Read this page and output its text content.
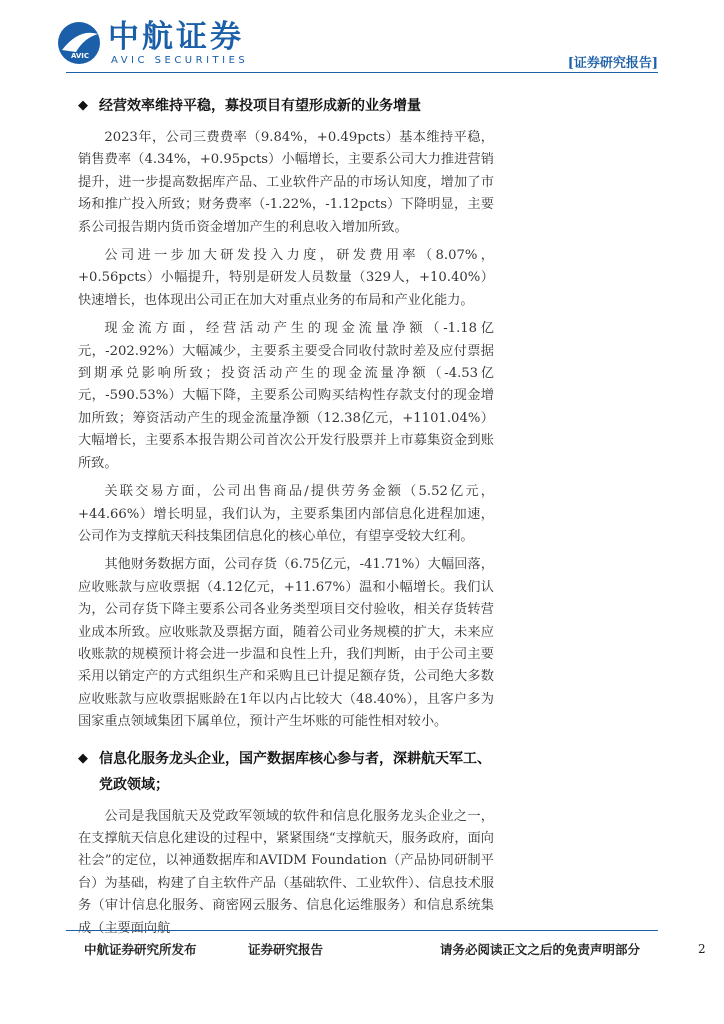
AVIC
中航证券
AVIC SECURITIES	[证券研究报告]
◆ 经营效率维持平稳，募投项目有望形成新的业务增量

2023年，公司三费费率（9.84%，+0.49pcts）基本维持平稳，销售费率（4.34%，+0.95pcts）小幅增长，主要系公司大力推进营销提升，进一步提高数据库产品、工业软件产品的市场认知度，增加了市场和推广投入所致；财务费率（-1.22%，-1.12pcts）下降明显，主要系公司报告期内货币资金增加产生的利息收入增加所致。

公司进一步加大研发投入力度，研发费用率（8.07%，+0.56pcts）小幅提升，特别是研发人员数量（329人，+10.40%）快速增长，也体现出公司正在加大对重点业务的布局和产业化能力。

现金流方面，经营活动产生的现金流量净额（-1.18亿元，-202.92%）大幅减少，主要系主要受合同收付款时差及应付票据到期承兑影响所致；投资活动产生的现金流量净额（-4.53亿元，-590.53%）大幅下降，主要系公司购买结构性存款支付的现金增加所致；筹资活动产生的现金流量净额（12.38亿元，+1101.04%）大幅增长，主要系本报告期公司首次公开发行股票并上市募集资金到账所致。

关联交易方面，公司出售商品/提供劳务金额（5.52亿元，+44.66%）增长明显，我们认为，主要系集团内部信息化进程加速，公司作为支撑航天科技集团信息化的核心单位，有望享受较大红利。

其他财务数据方面，公司存货（6.75亿元，-41.71%）大幅回落，应收账款与应收票据（4.12亿元，+11.67%）温和小幅增长。我们认为，公司存货下降主要系公司各业务类型项目交付验收，相关存货转营业成本所致。应收账款及票据方面，随着公司业务规模的扩大，未来应收账款的规模预计将会进一步温和良性上升，我们判断，由于公司主要采用以销定产的方式组织生产和采购且已计提足额存货，公司绝大多数应收账款与应收票据账龄在1年以内占比较大（48.40%），且客户多为国家重点领域集团下属单位，预计产生坏账的可能性相对较小。

◆ 信息化服务龙头企业，国产数据库核心参与者，深耕航天军工、党政领域；

公司是我国航天及党政军领域的软件和信息化服务龙头企业之一，在支撑航天信息化建设的过程中，紧紧围绕“支撑航天，服务政府，面向社会”的定位，以神通数据库和AVIDM Foundation（产品协同研制平台）为基础，构建了自主软件产品（基础软件、工业软件）、信息技术服务（审计信息化服务、商密网云服务、信息化运维服务）和信息系统集成（主要面向航

中航证券研究所发布	证券研究报告	请务必阅读正文之后的免责声明部分	2
